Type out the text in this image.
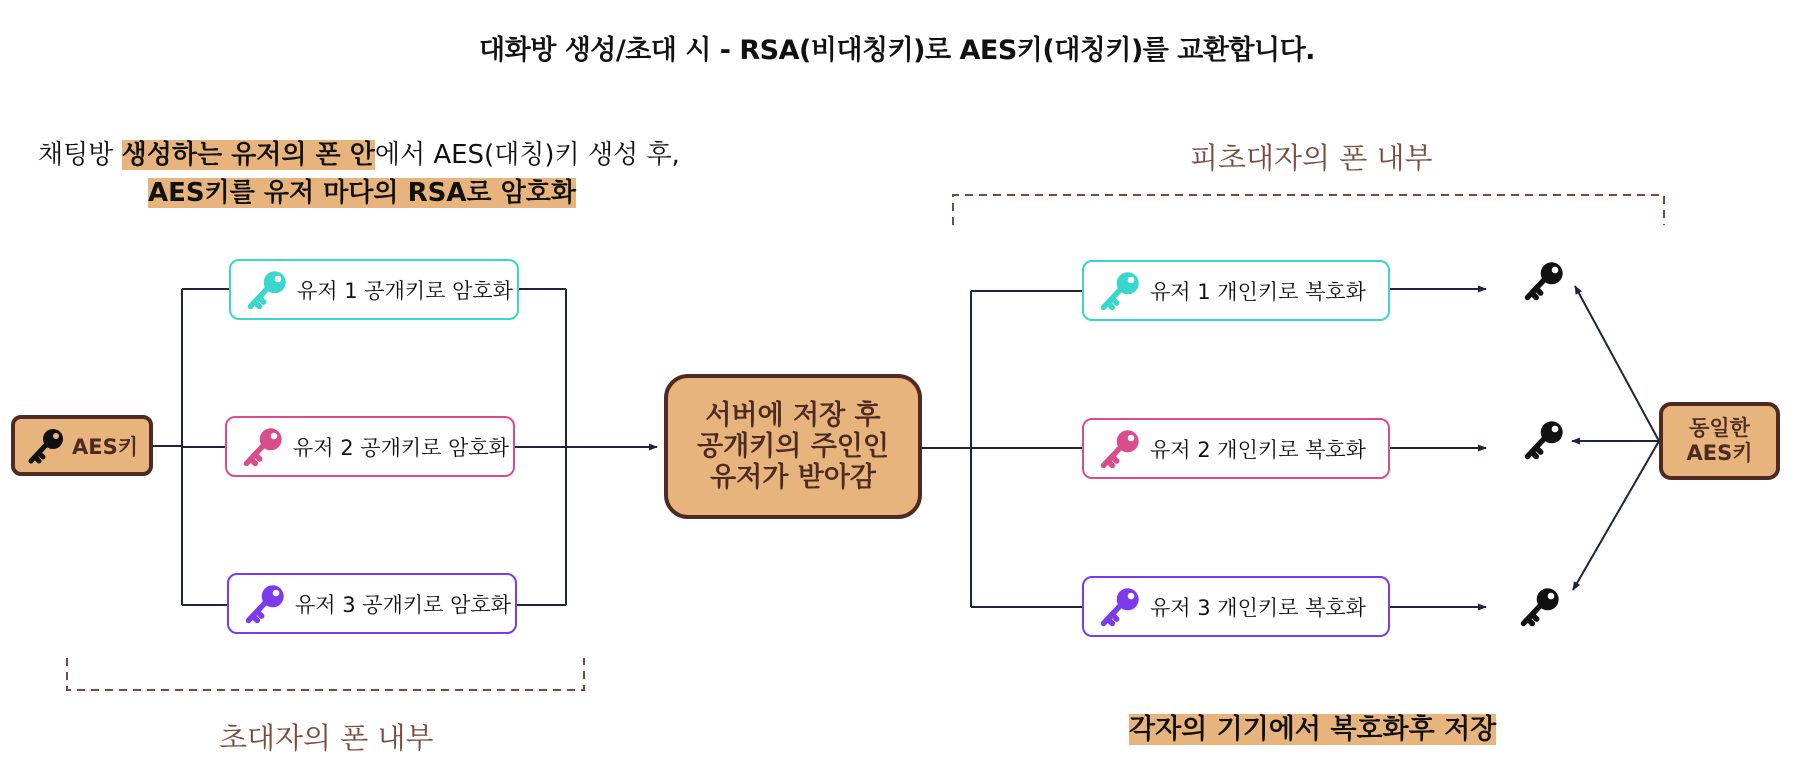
대화방 생성/초대 시 - RSA(비대칭키)로 AES키(대칭키)를 교환합니다.
채팅방 생성하는 유저의 폰 안에서 AES(대칭)키 생성 후,
AES키를 유저 마다의 RSA로 암호화
피초대자의 폰 내부
초대자의 폰 내부
AES키
유저 1 공개키로 암호화
유저 2 공개키로 암호화
유저 3 공개키로 암호화
서버에 저장 후
공개키의 주인인
유저가 받아감
유저 1 개인키로 복호화
유저 2 개인키로 복호화
유저 3 개인키로 복호화
동일한
AES키
각자의 기기에서 복호화후 저장
